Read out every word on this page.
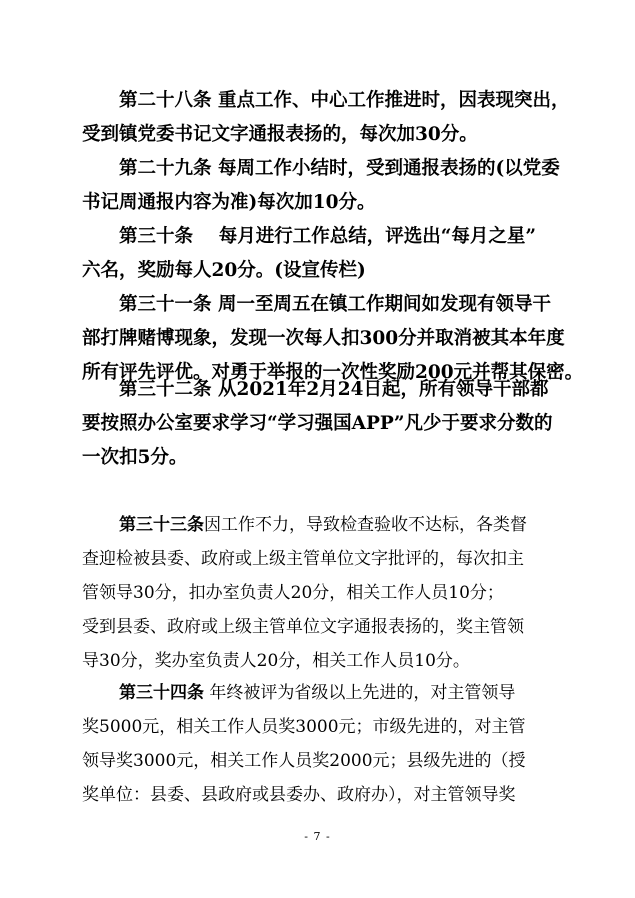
第二十八条 重点工作、中心工作推进时，因表现突出，
受到镇党委书记文字通报表扬的，每次加30分。
第二十九条 每周工作小结时，受到通报表扬的(以党委
书记周通报内容为准)每次加10分。
第三十条    每月进行工作总结，评选出“每月之星”
六名，奖励每人20分。(设宣传栏)
第三十一条 周一至周五在镇工作期间如发现有领导干
部打牌赌博现象，发现一次每人扣300分并取消被其本年度
所有评先评优。对勇于举报的一次性奖励200元并帮其保密。
第三十二条 从2021年2月24日起，所有领导干部都
要按照办公室要求学习“学习强国APP”凡少于要求分数的
一次扣5分。
第三十三条因工作不力，导致检查验收不达标，各类督
查迎检被县委、政府或上级主管单位文字批评的，每次扣主
管领导30分，扣办室负责人20分，相关工作人员10分；
受到县委、政府或上级主管单位文字通报表扬的，奖主管领
导30分，奖办室负责人20分，相关工作人员10分。
第三十四条 年终被评为省级以上先进的，对主管领导
奖5000元，相关工作人员奖3000元；市级先进的，对主管
领导奖3000元，相关工作人员奖2000元；县级先进的（授
奖单位：县委、县政府或县委办、政府办），对主管领导奖
- 7 -
